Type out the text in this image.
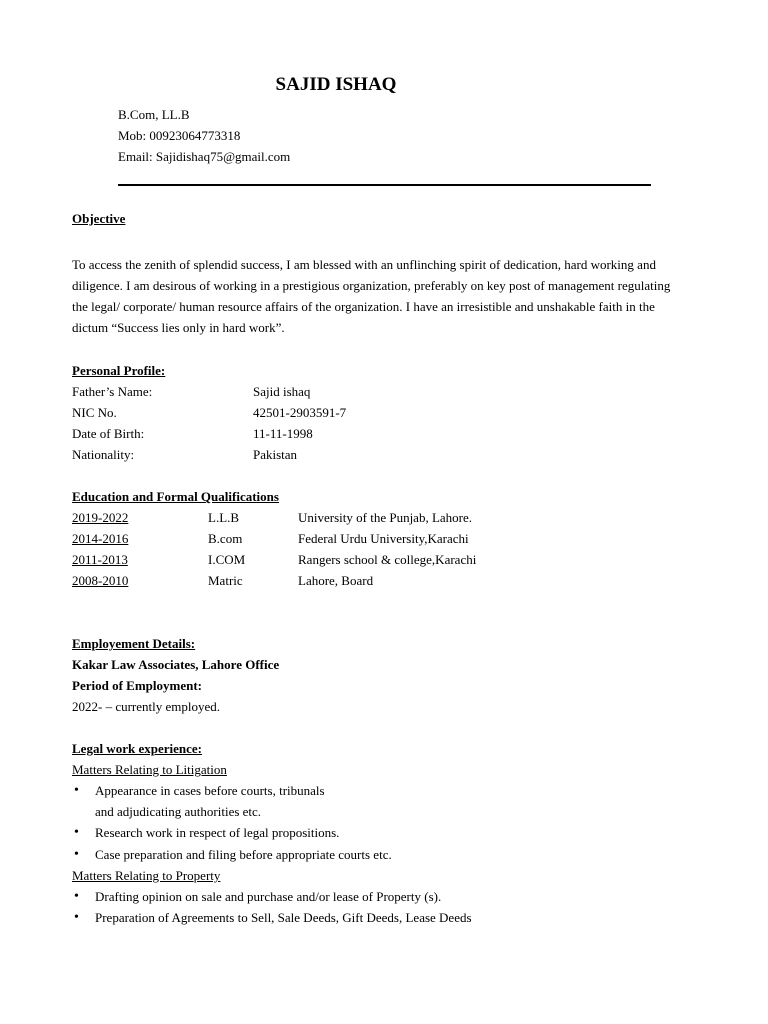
SAJID ISHAQ
B.Com, LL.B
Mob: 00923064773318
Email: Sajidishaq75@gmail.com
Objective
To access the zenith of splendid success, I am blessed with an unflinching spirit of dedication, hard working and diligence. I am desirous of working in a prestigious organization, preferably on key post of management regulating the legal/ corporate/ human resource affairs of the organization. I have an irresistible and unshakable faith in the dictum “Success lies only in hard work”.
Personal Profile:
Father’s Name:	Sajid ishaq
NIC No.	42501-2903591-7
Date of Birth:	11-11-1998
Nationality:	Pakistan
Education and Formal Qualifications
2019-2022	L.L.B	University of the Punjab, Lahore.
2014-2016	B.com	Federal Urdu University,Karachi
2011-2013	I.COM	Rangers school & college,Karachi
2008-2010	Matric	Lahore, Board
Employement Details:
Kakar Law Associates, Lahore Office
Period of Employment:
2022- – currently employed.
Legal work experience:
Matters Relating to Litigation
• Appearance in cases before courts, tribunals
and adjudicating authorities etc.
• Research work in respect of legal propositions.
• Case preparation and filing before appropriate courts etc.
Matters Relating to Property
• Drafting opinion on sale and purchase and/or lease of Property (s).
• Preparation of Agreements to Sell, Sale Deeds, Gift Deeds, Lease Deeds
